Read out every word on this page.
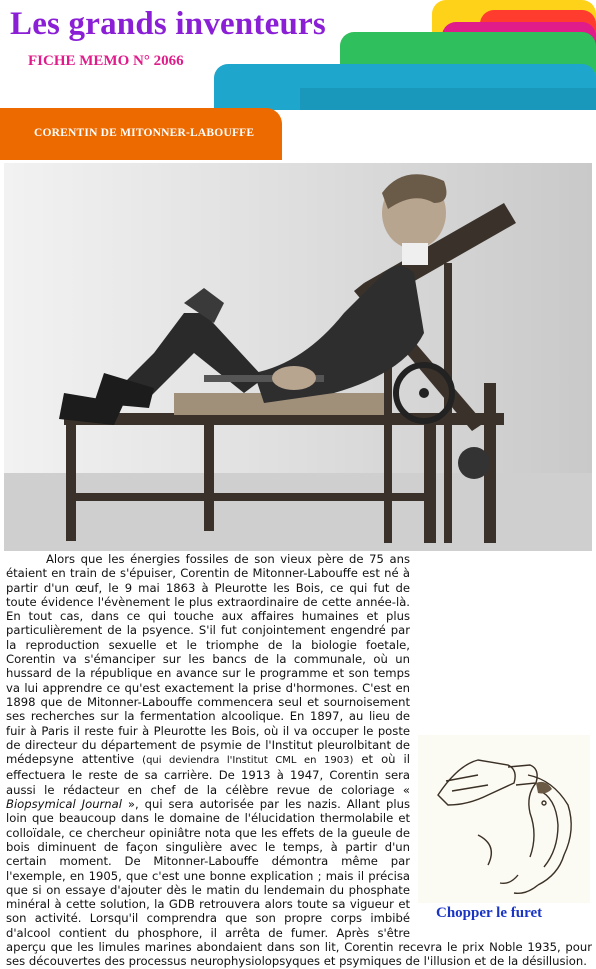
Les grands inventeurs
FICHE MEMO N° 2066
CORENTIN DE MITONNER-LABOUFFE

Alors que les énergies fossiles de son vieux père de 75 ans étaient en train de s'épuiser, Corentin de Mitonner-Labouffe est né à partir d'un œuf, le 9 mai 1863 à Pleurotte les Bois, ce qui fut de toute évidence l'évènement le plus extraordinaire de cette année-là. En tout cas, dans ce qui touche aux affaires humaines et plus particulièrement de la psyence. S'il fut conjointement engendré par la reproduction sexuelle et le triomphe de la biologie foetale, Corentin va s'émanciper sur les bancs de la communale, où un hussard de la république en avance sur le programme et son temps va lui apprendre ce qu'est exactement la prise d'hormones. C'est en 1898 que de Mitonner-Labouffe commencera seul et sournoisement ses recherches sur la fermentation alcoolique. En 1897, au lieu de fuir à Paris il reste fuir à Pleurotte les Bois, où il va occuper le poste de directeur du département de psymie de l'Institut pleurolbitant de médepsyne attentive (qui deviendra l'Institut CML en 1903) et où il effectuera le reste de sa carrière. De 1913 à 1947, Corentin sera aussi le rédacteur en chef de la célèbre revue de coloriage « Biopsymical Journal », qui sera autorisée par les nazis. Allant plus loin que beaucoup dans le domaine de l'élucidation thermolabile et colloïdale, ce chercheur opiniâtre nota que les effets de la gueule de bois diminuent de façon singulière avec le temps, à partir d'un certain moment. De Mitonner-Labouffe démontra même par l'exemple, en 1905, que c'est une bonne explication ; mais il précisa que si on essaye d'ajouter dès le matin du lendemain du phosphate minéral à cette solution, la GDB retrouvera alors toute sa vigueur et son activité. Lorsqu'il comprendra que son propre corps imbibé d'alcool contient du phosphore, il arrêta de fumer. Après s'être aperçu que les limules marines abondaient dans son lit, Corentin recevra le prix Noble 1935, pour ses découvertes des processus neurophysiolopsyques et psymiques de l'illusion et de la désillusion.

Chopper le furet
